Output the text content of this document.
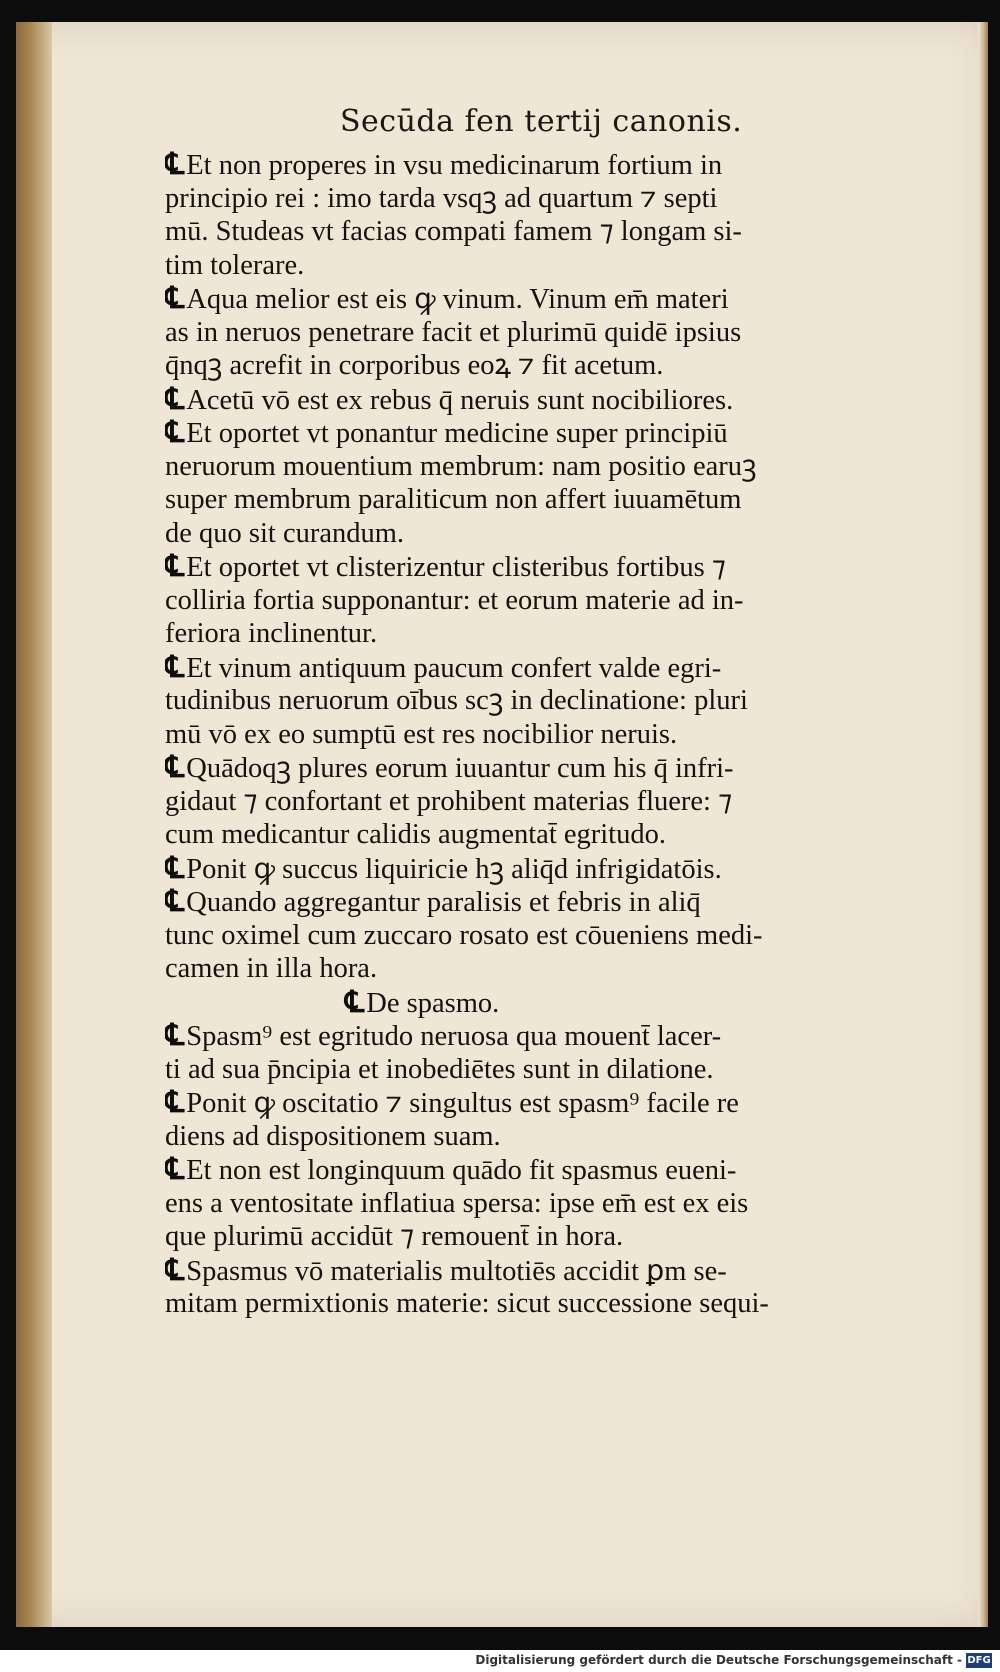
Secūda fen tertij canonis.
℄Et non properes in vsu medicinarum fortium in
principio rei : imo tarda vsqꝫ ad quartum ⁊ septi
mū. Studeas vt facias compati famem ⁊ longam si-
tim tolerare.
℄Aqua melior est eis ꝙ vinum. Vinum em̄ materi
as in neruos penetrare facit et plurimū quidē ipsius
q̄nqꝫ acrefit in corporibus eoꝝ ⁊ fit acetum.
℄Acetū vō est ex rebus q̄ neruis sunt nocibiliores.
℄Et oportet vt ponantur medicine super principiū
neruorum mouentium membrum: nam positio earuꝫ
super membrum paraliticum non affert iuuamētum
de quo sit curandum.
℄Et oportet vt clisterizentur clisteribus fortibus ⁊
colliria fortia supponantur: et eorum materie ad in-
feriora inclinentur.
℄Et vinum antiquum paucum confert valde egri-
tudinibus neruorum oībus scꝫ in declinatione: pluri
mū vō ex eo sumptū est res nocibilior neruis.
℄Quādoqꝫ plures eorum iuuantur cum his q̄ infri-
gidaut ⁊ confortant et prohibent materias fluere: ⁊
cum medicantur calidis augmentat̄ egritudo.
℄Ponit ꝙ succus liquiricie hꝫ aliq̄d infrigidatōis.
℄Quando aggregantur paralisis et febris in aliq̄
tunc oximel cum zuccaro rosato est cōueniens medi-
camen in illa hora.
℄De spasmo.
℄Spasm⁹ est egritudo neruosa qua mouent̄ lacer-
ti ad sua p̄ncipia et inobediētes sunt in dilatione.
℄Ponit ꝙ oscitatio ⁊ singultus est spasm⁹ facile re
diens ad dispositionem suam.
℄Et non est longinquum quādo fit spasmus eueni-
ens a ventositate inflatiua spersa: ipse em̄ est ex eis
que plurimū accidūt ⁊ remouent̄ in hora.
℄Spasmus vō materialis multotiēs accidit ꝑm se-
mitam permixtionis materie: sicut successione sequi-
Digitalisierung gefördert durch die Deutsche Forschungsgemeinschaft - DFG
